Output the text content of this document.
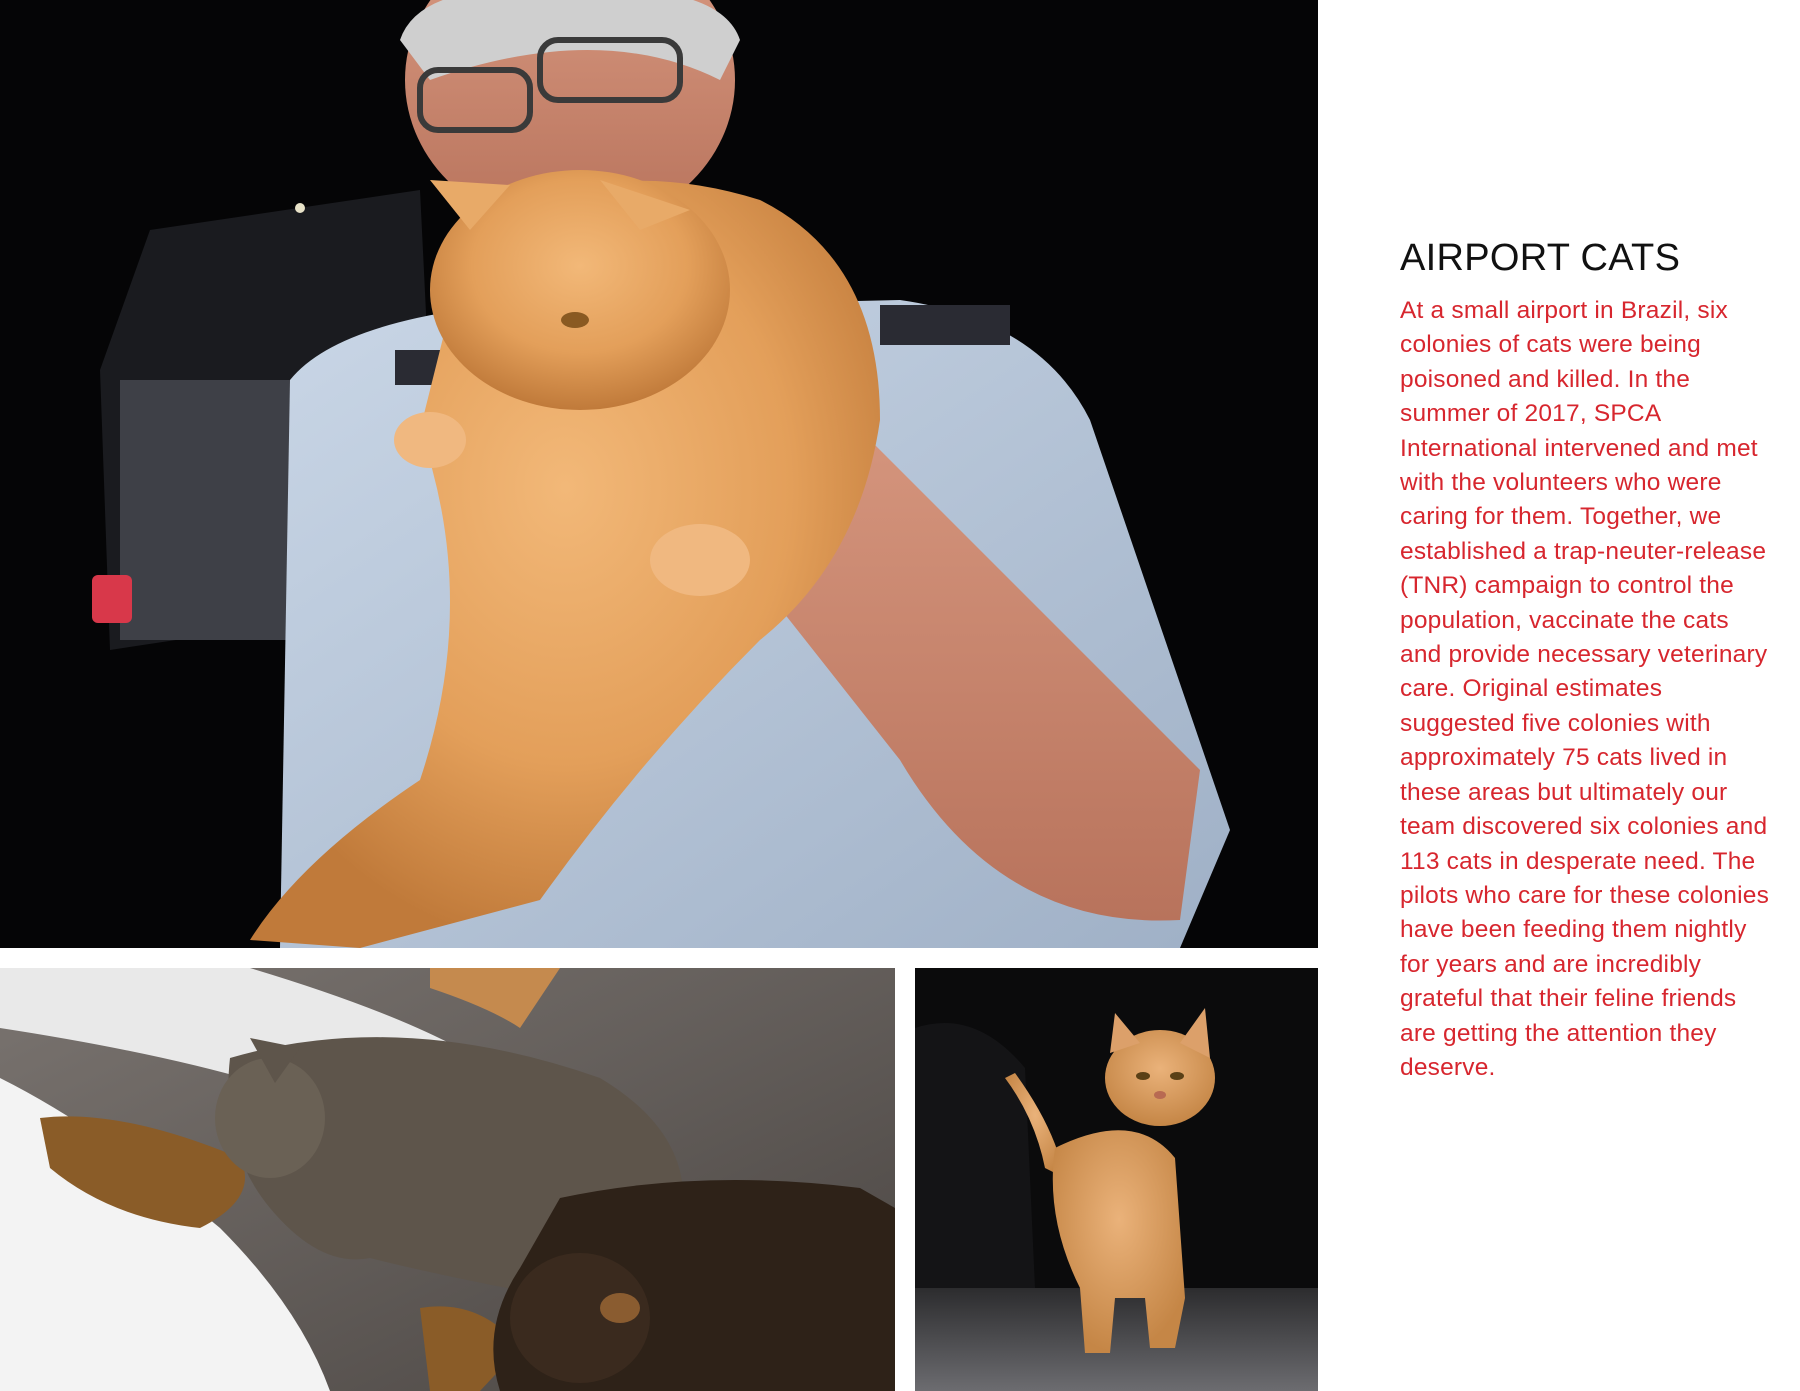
AIRPORT CATS

At a small airport in Brazil, six colonies of cats were being poisoned and killed. In the summer of 2017, SPCA International intervened and met with the volunteers who were caring for them. Together, we established a trap-neuter-release (TNR) campaign to control the population, vaccinate the cats and provide necessary veterinary care. Original estimates suggested five colonies with approximately 75 cats lived in these areas but ultimately our team discovered six colonies and 113 cats in desperate need. The pilots who care for these colonies have been feeding them nightly for years and are incredibly grateful that their feline friends are getting the attention they deserve.
